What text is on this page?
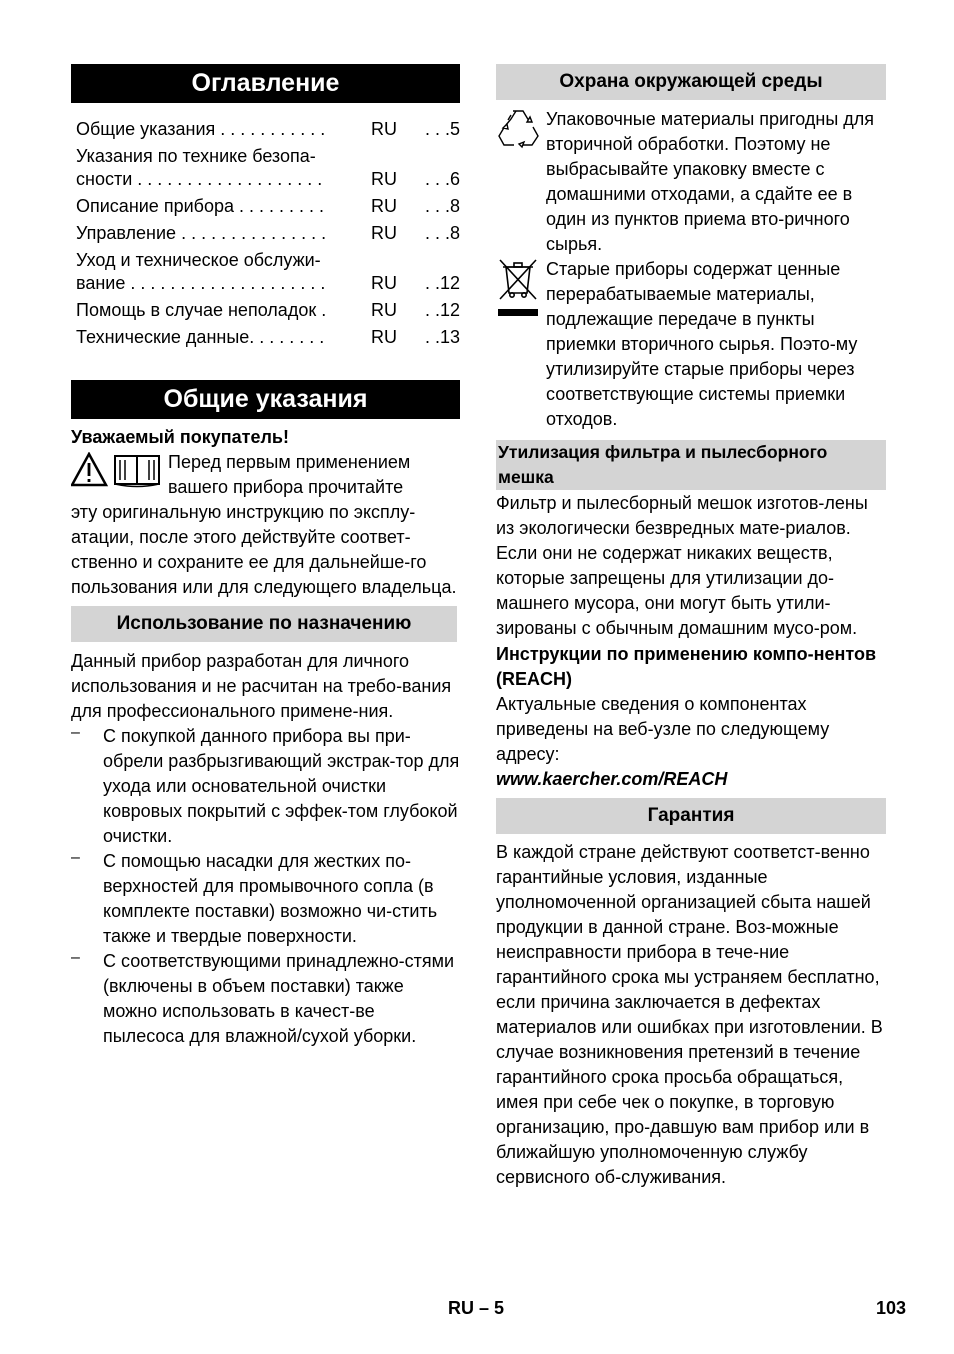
Оглавление
Общие указания . . . . . . . . . . .	RU	. . .5
Указания по технике безопа-
сности . . . . . . . . . . . . . . . . . . .	RU	. . .6
Описание прибора . . . . . . . . .	RU	. . .8
Управление . . . . . . . . . . . . . . .	RU	. . .8
Уход и техническое обслужи-
вание . . . . . . . . . . . . . . . . . . . .	RU	. .12
Помощь в случае неполадок .	RU	. .12
Технические данные. . . . . . . .	RU	. .13
Общие указания
Уважаемый покупатель!
Перед первым применением
вашего прибора прочитайте
эту оригинальную инструкцию по эксплу-атации, после этого действуйте соответ-ственно и сохраните ее для дальнейше-го пользования или для следующего владельца.
Использование по назначению
Данный прибор разработан для личного использования и не расчитан на требо-вания для профессионального примене-ния.
–	С покупкой данного прибора вы при-обрели разбрызгивающий экстрак-тор для ухода или основательной очистки ковровых покрытий с эффек-том глубокой очистки.
–	С помощью насадки для жестких по-верхностей для промывочного сопла (в комплекте поставки) возможно чи-стить также и твердые поверхности.
–	С соответствующими принадлежно-стями (включены в объем поставки) также можно использовать в качест-ве пылесоса для влажной/сухой уборки.
Охрана окружающей среды
Упаковочные материалы пригодны для вторичной обработки. Поэтому не выбрасывайте упаковку вместе с домашними отходами, а сдайте ее в один из пунктов приема вто-ричного сырья.
Старые приборы содержат ценные перерабатываемые материалы, подлежащие передаче в пункты приемки вторичного сырья. Поэто-му утилизируйте старые приборы через соответствующие системы приемки отходов.
Утилизация фильтра и пылесборного мешка
Фильтр и пылесборный мешок изготов-лены из экологически безвредных мате-риалов.
Если они не содержат никаких веществ, которые запрещены для утилизации до-машнего мусора, они могут быть утили-зированы с обычным домашним мусо-ром.
Инструкции по применению компо-нентов (REACH)
Актуальные сведения о компонентах приведены на веб-узле по следующему адресу:
www.kaercher.com/REACH
Гарантия
В каждой стране действуют соответст-венно гарантийные условия, изданные уполномоченной организацией сбыта нашей продукции в данной стране. Воз-можные неисправности прибора в тече-ние гарантийного срока мы устраняем бесплатно, если причина заключается в дефектах материалов или ошибках при изготовлении. В случае возникновения претензий в течение гарантийного срока просьба обращаться, имея при себе чек о покупке, в торговую организацию, про-давшую вам прибор или в ближайшую уполномоченную службу сервисного об-служивания.
RU – 5	103
